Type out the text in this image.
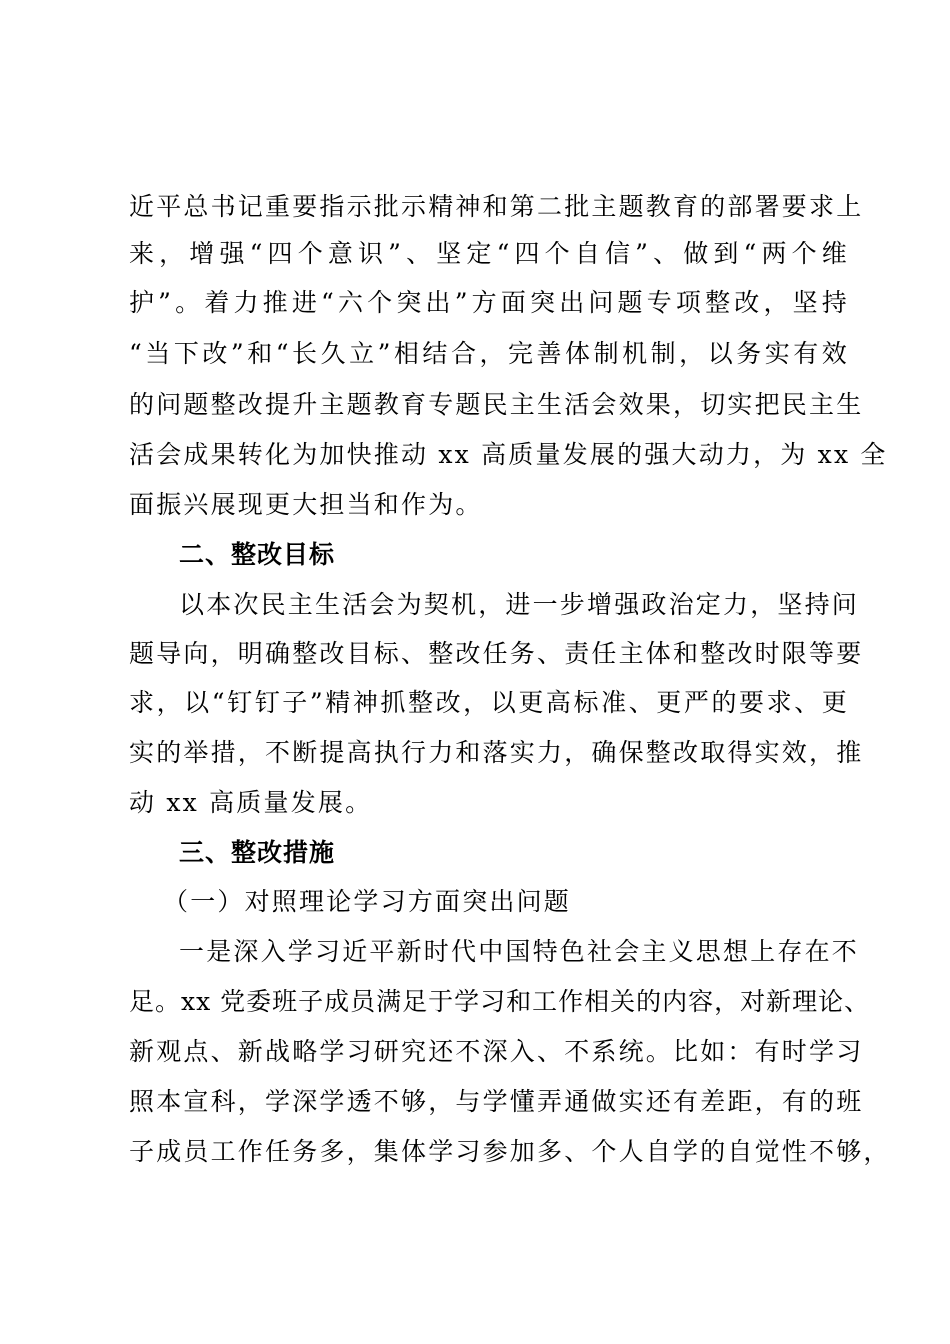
近平总书记重要指示批示精神和第二批主题教育的部署要求上
来，增强“四个意识”、坚定“四个自信”、做到“两个维
护”。着力推进“六个突出”方面突出问题专项整改，坚持
“当下改”和“长久立”相结合，完善体制机制，以务实有效
的问题整改提升主题教育专题民主生活会效果，切实把民主生
活会成果转化为加快推动 xx 高质量发展的强大动力，为 xx 全
面振兴展现更大担当和作为。
二、整改目标
以本次民主生活会为契机，进一步增强政治定力，坚持问
题导向，明确整改目标、整改任务、责任主体和整改时限等要
求，以“钉钉子”精神抓整改，以更高标准、更严的要求、更
实的举措，不断提高执行力和落实力，确保整改取得实效，推
动 xx 高质量发展。
三、整改措施
（一）对照理论学习方面突出问题
一是深入学习近平新时代中国特色社会主义思想上存在不
足。xx 党委班子成员满足于学习和工作相关的内容，对新理论、
新观点、新战略学习研究还不深入、不系统。比如：有时学习
照本宣科，学深学透不够，与学懂弄通做实还有差距，有的班
子成员工作任务多，集体学习参加多、个人自学的自觉性不够，
